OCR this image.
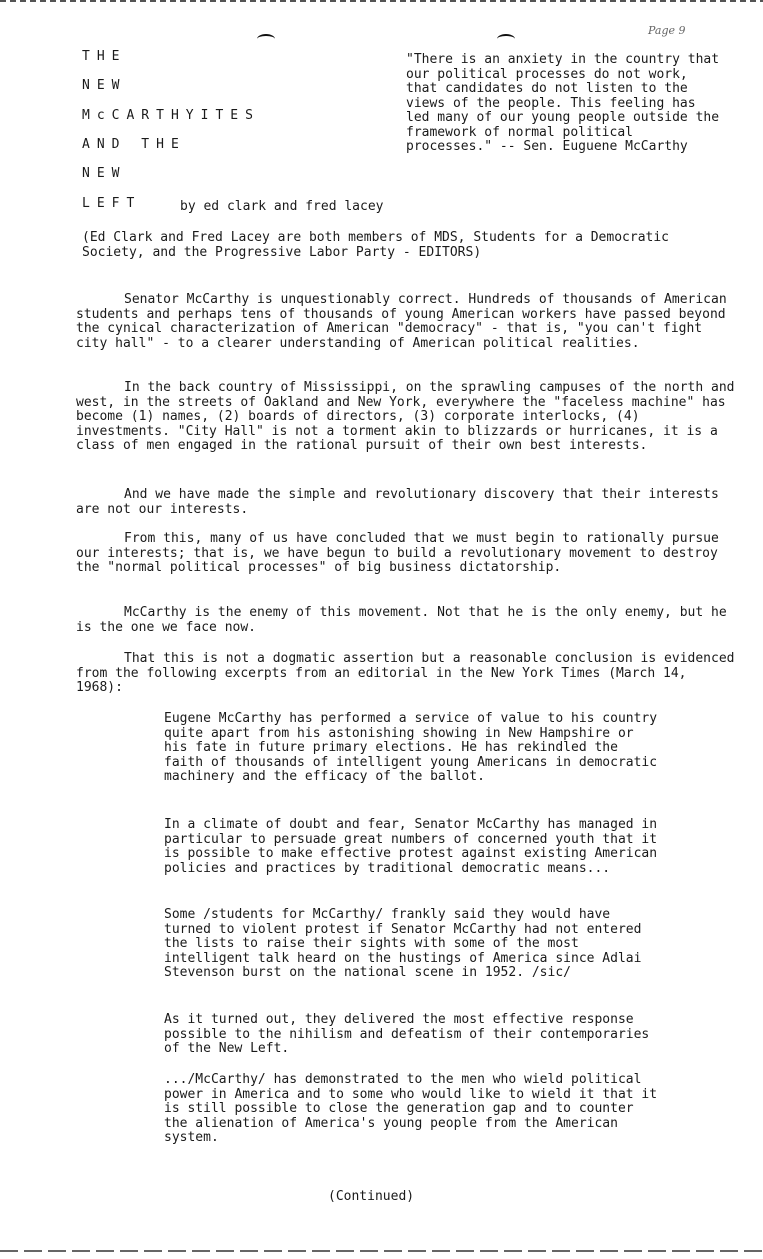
Page 9
THE
NEW
McCARTHYITES
AND THE
NEW
LEFT

"There is an anxiety in the country that our political processes do not work, that candidates do not listen to the views of the people. This feeling has led many of our young people outside the framework of normal political processes." -- Sen. Euguene McCarthy

by ed clark and fred lacey

(Ed Clark and Fred Lacey are both members of MDS, Students for a Democratic Society, and the Progressive Labor Party - EDITORS)

Senator McCarthy is unquestionably correct. Hundreds of thousands of American students and perhaps tens of thousands of young American workers have passed beyond the cynical characterization of American "democracy" - that is, "you can't fight city hall" - to a clearer understanding of American political realities.

In the back country of Mississippi, on the sprawling campuses of the north and west, in the streets of Oakland and New York, everywhere the "faceless machine" has become (1) names, (2) boards of directors, (3) corporate interlocks, (4) investments. "City Hall" is not a torment akin to blizzards or hurricanes, it is a class of men engaged in the rational pursuit of their own best interests.

And we have made the simple and revolutionary discovery that their interests are not our interests.

From this, many of us have concluded that we must begin to rationally pursue our interests; that is, we have begun to build a revolutionary movement to destroy the "normal political processes" of big business dictatorship.

McCarthy is the enemy of this movement. Not that he is the only enemy, but he is the one we face now.

That this is not a dogmatic assertion but a reasonable conclusion is evidenced from the following excerpts from an editorial in the New York Times (March 14, 1968):

Eugene McCarthy has performed a service of value to his country quite apart from his astonishing showing in New Hampshire or his fate in future primary elections. He has rekindled the faith of thousands of intelligent young Americans in democratic machinery and the efficacy of the ballot.

In a climate of doubt and fear, Senator McCarthy has managed in particular to persuade great numbers of concerned youth that it is possible to make effective protest against existing American policies and practices by traditional democratic means...

Some /students for McCarthy/ frankly said they would have turned to violent protest if Senator McCarthy had not entered the lists to raise their sights with some of the most intelligent talk heard on the hustings of America since Adlai Stevenson burst on the national scene in 1952. /sic/

As it turned out, they delivered the most effective response possible to the nihilism and defeatism of their contemporaries of the New Left.

.../McCarthy/ has demonstrated to the men who wield political power in America and to some who would like to wield it that it is still possible to close the generation gap and to counter the alienation of America's young people from the American system.

(Continued)
